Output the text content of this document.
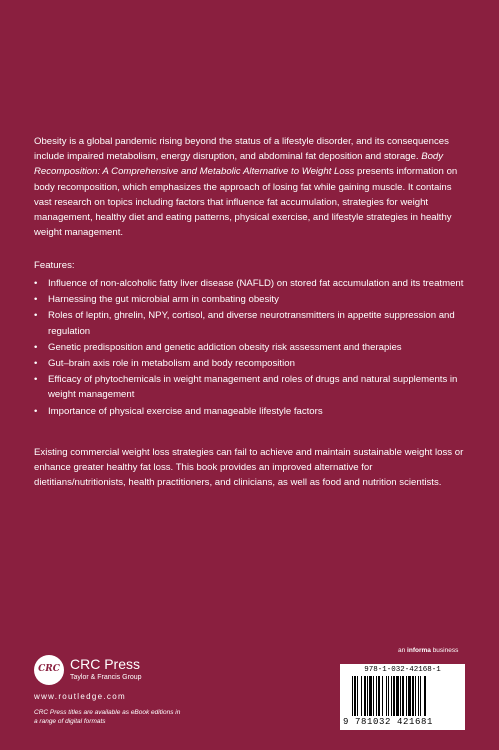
Obesity is a global pandemic rising beyond the status of a lifestyle disorder, and its consequences include impaired metabolism, energy disruption, and abdominal fat deposition and storage. Body Recomposition: A Comprehensive and Metabolic Alternative to Weight Loss presents information on body recomposition, which emphasizes the approach of losing fat while gaining muscle. It contains vast research on topics including factors that influence fat accumulation, strategies for weight management, healthy diet and eating patterns, physical exercise, and lifestyle strategies in healthy weight management.

Features:
• Influence of non-alcoholic fatty liver disease (NAFLD) on stored fat accumulation and its treatment
• Harnessing the gut microbial arm in combating obesity
• Roles of leptin, ghrelin, NPY, cortisol, and diverse neurotransmitters in appetite suppression and regulation
• Genetic predisposition and genetic addiction obesity risk assessment and therapies
• Gut–brain axis role in metabolism and body recomposition
• Efficacy of phytochemicals in weight management and roles of drugs and natural supplements in weight management
• Importance of physical exercise and manageable lifestyle factors
Existing commercial weight loss strategies can fail to achieve and maintain sustainable weight loss or enhance greater healthy fat loss. This book provides an improved alternative for dietitians/nutritionists, health practitioners, and clinicians, as well as food and nutrition scientists.
CRC CRC Press
Taylor & Francis Group
www.routledge.com
CRC Press titles are available as eBook editions in a range of digital formats
an informa business
978-1-032-42168-1
9 781032 421681
